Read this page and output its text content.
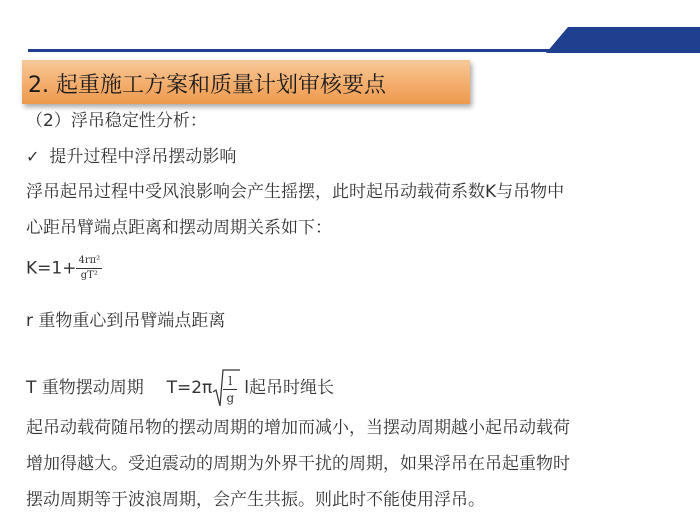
2. 起重施工方案和质量计划审核要点
（2）浮吊稳定性分析：
✓ 提升过程中浮吊摆动影响
浮吊起吊过程中受风浪影响会产生摇摆，此时起吊动载荷系数K与吊物中
心距吊臂端点距离和摆动周期关系如下：
$K=1+ \frac{\text{4rπ²}}{\text{gT²}}$
r 重物重心到吊臂端点距离
T 重物摆动周期 $T=2\pi \frac{l}{g}$ l起吊时绳长
起吊动载荷随吊物的摆动周期的增加而减小，当摆动周期越小起吊动载荷
增加得越大。受迫震动的周期为外界干扰的周期，如果浮吊在吊起重物时
摆动周期等于波浪周期，会产生共振。则此时不能使用浮吊。
